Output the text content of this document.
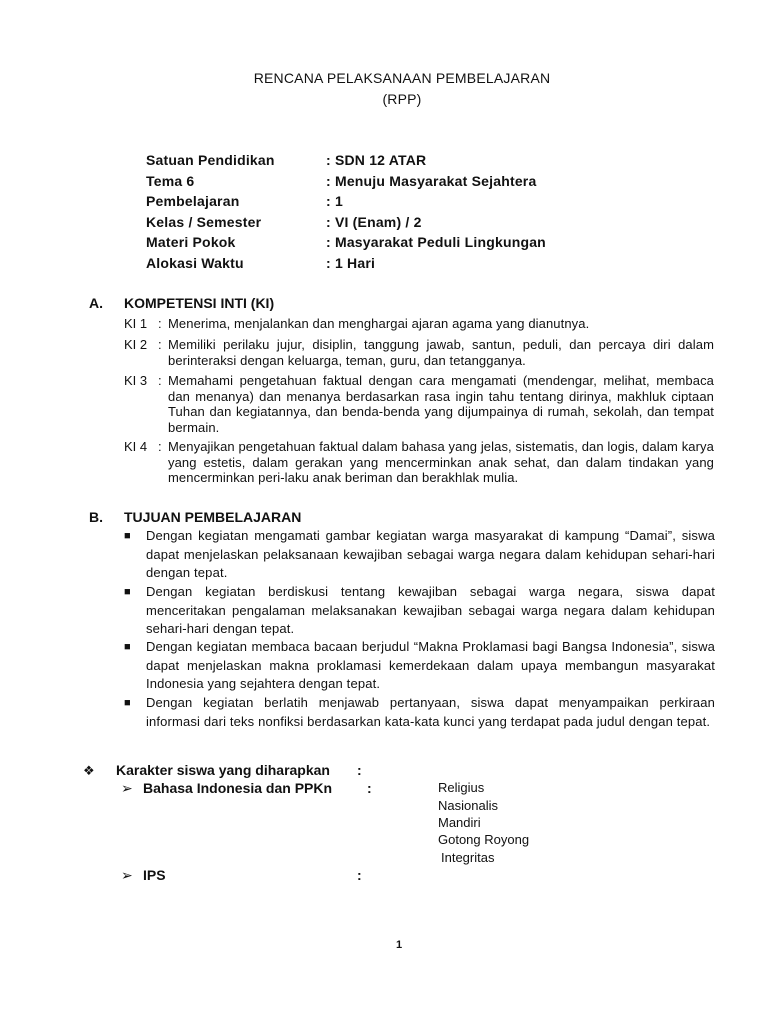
RENCANA PELAKSANAAN PEMBELAJARAN
(RPP)
Satuan Pendidikan	: SDN 12 ATAR
Tema 6	: Menuju Masyarakat Sejahtera
Pembelajaran	: 1
Kelas / Semester	: VI (Enam) / 2
Materi Pokok	: Masyarakat Peduli Lingkungan
Alokasi Waktu	: 1 Hari
A. KOMPETENSI INTI (KI)
KI 1 : Menerima, menjalankan dan menghargai ajaran agama yang dianutnya.
KI 2 : Memiliki perilaku jujur, disiplin, tanggung jawab, santun, peduli, dan percaya diri dalam berinteraksi dengan keluarga, teman, guru, dan tetangganya.
KI 3 : Memahami pengetahuan faktual dengan cara mengamati (mendengar, melihat, membaca dan menanya) dan menanya berdasarkan rasa ingin tahu tentang dirinya, makhluk ciptaan Tuhan dan kegiatannya, dan benda-benda yang dijumpainya di rumah, sekolah, dan tempat bermain.
KI 4 : Menyajikan pengetahuan faktual dalam bahasa yang jelas, sistematis, dan logis, dalam karya yang estetis, dalam gerakan yang mencerminkan anak sehat, dan dalam tindakan yang mencerminkan peri-laku anak beriman dan berakhlak mulia.
B. TUJUAN PEMBELAJARAN
■ Dengan kegiatan mengamati gambar kegiatan warga masyarakat di kampung “Damai”, siswa dapat menjelaskan pelaksanaan kewajiban sebagai warga negara dalam kehidupan sehari-hari dengan tepat.
■ Dengan kegiatan berdiskusi tentang kewajiban sebagai warga negara, siswa dapat menceritakan pengalaman melaksanakan kewajiban sebagai warga negara dalam kehidupan sehari-hari dengan tepat.
■ Dengan kegiatan membaca bacaan berjudul “Makna Proklamasi bagi Bangsa Indonesia”, siswa dapat menjelaskan makna proklamasi kemerdekaan dalam upaya membangun masyarakat Indonesia yang sejahtera dengan tepat.
■ Dengan kegiatan berlatih menjawab pertanyaan, siswa dapat menyampaikan perkiraan informasi dari teks nonfiksi berdasarkan kata-kata kunci yang terdapat pada judul dengan tepat.
❖ Karakter siswa yang diharapkan :
➢ Bahasa Indonesia dan PPKn :	Religius
Nasionalis
Mandiri
Gotong Royong
Integritas
➢ IPS	:
1
